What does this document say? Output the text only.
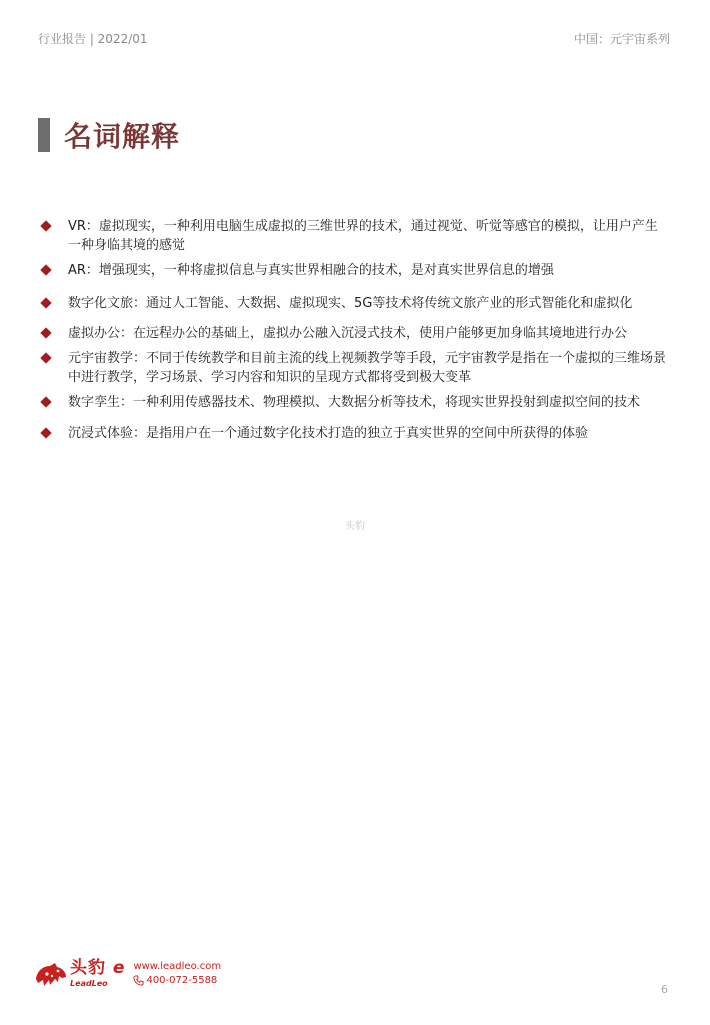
行业报告 | 2022/01	中国：元宇宙系列
名词解释
VR：虚拟现实，一种利用电脑生成虚拟的三维世界的技术，通过视觉、听觉等感官的模拟，让用户产生一种身临其境的感觉
AR：增强现实，一种将虚拟信息与真实世界相融合的技术，是对真实世界信息的增强
数字化文旅：通过人工智能、大数据、虚拟现实、5G等技术将传统文旅产业的形式智能化和虚拟化
虚拟办公：在远程办公的基础上，虚拟办公融入沉浸式技术，使用户能够更加身临其境地进行办公
元宇宙教学：不同于传统教学和目前主流的线上视频教学等手段，元宇宙教学是指在一个虚拟的三维场景中进行教学，学习场景、学习内容和知识的呈现方式都将受到极大变革
数字孪生：一种利用传感器技术、物理模拟、大数据分析等技术，将现实世界投射到虚拟空间的技术
沉浸式体验：是指用户在一个通过数字化技术打造的独立于真实世界的空间中所获得的体验
头豹
头豹 e
LeadLeo
www.leadleo.com
400-072-5588
6
